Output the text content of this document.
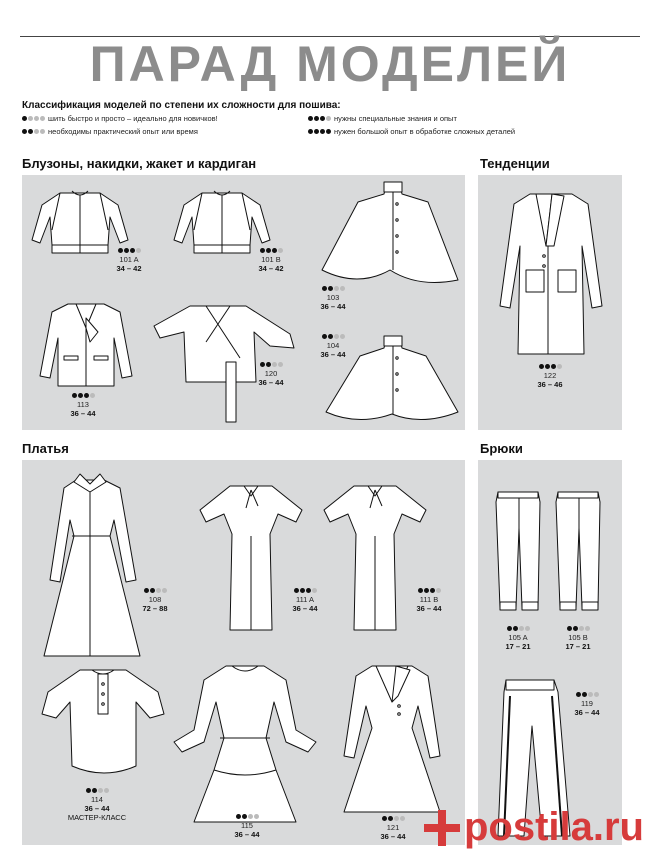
ПАРАД МОДЕЛЕЙ
Классификация моделей по степени их сложности для пошива:
шить быстро и просто – идеально для новичков!
необходимы практический опыт или время
нужны специальные знания и опыт
нужен большой опыт в обработке сложных деталей
Блузоны, накидки, жакет и кардиган	Тенденции
Платья	Брюки
101 A
34 – 42
101 B
34 – 42
103
36 – 44
104
36 – 44
113
36 – 44
120
36 – 44
122
36 – 46
108
72 – 88
111 A
36 – 44
111 B
36 – 44
114
36 – 44
МАСТЕР-КЛАСС
115
36 – 44
121
36 – 44
105 A
17 – 21
105 B
17 – 21
119
36 – 44
postila.ru
